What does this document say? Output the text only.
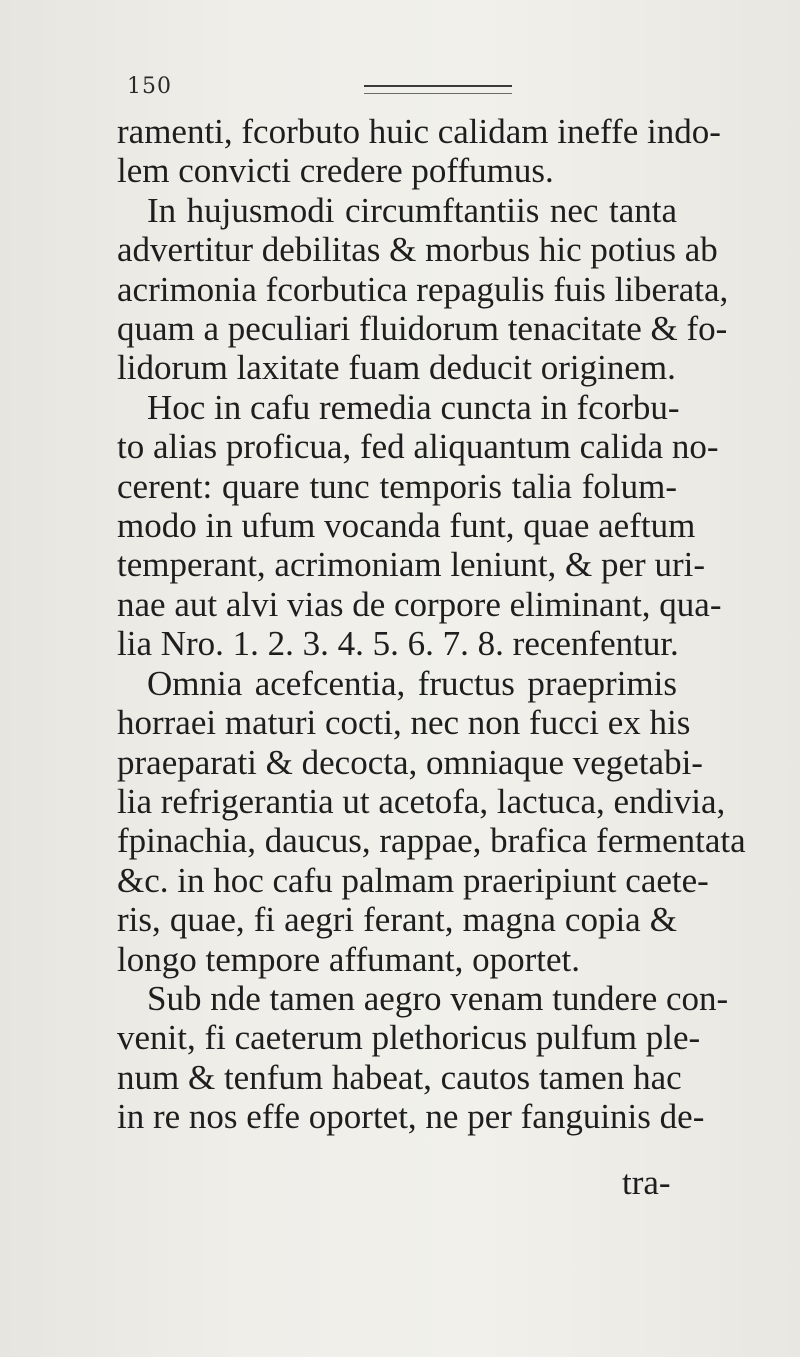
150
ramenti, fcorbuto huic calidam ineffe indo-
lem convicti credere poffumus.
In hujusmodi circumftantiis nec tanta
advertitur debilitas & morbus hic potius ab
acrimonia fcorbutica repagulis fuis liberata,
quam a peculiari fluidorum tenacitate & fo-
lidorum laxitate fuam deducit originem.
Hoc in cafu remedia cuncta in fcorbu-
to alias proficua, fed aliquantum calida no-
cerent: quare tunc temporis talia folum-
modo in ufum vocanda funt, quae aeftum
temperant, acrimoniam leniunt, & per uri-
nae aut alvi vias de corpore eliminant, qua-
lia Nro. 1. 2. 3. 4. 5. 6. 7. 8. recenfentur.
Omnia acefcentia, fructus praeprimis
horraei maturi cocti, nec non fucci ex his
praeparati & decocta, omniaque vegetabi-
lia refrigerantia ut acetofa, lactuca, endivia,
fpinachia, daucus, rappae, brafica fermentata
&c. in hoc cafu palmam praeripiunt caete-
ris, quae, fi aegri ferant, magna copia &
longo tempore affumant, oportet.
Sub nde tamen aegro venam tundere con-
venit, fi caeterum plethoricus pulfum ple-
num & tenfum habeat, cautos tamen hac
in re nos effe oportet, ne per fanguinis de-
tra-
